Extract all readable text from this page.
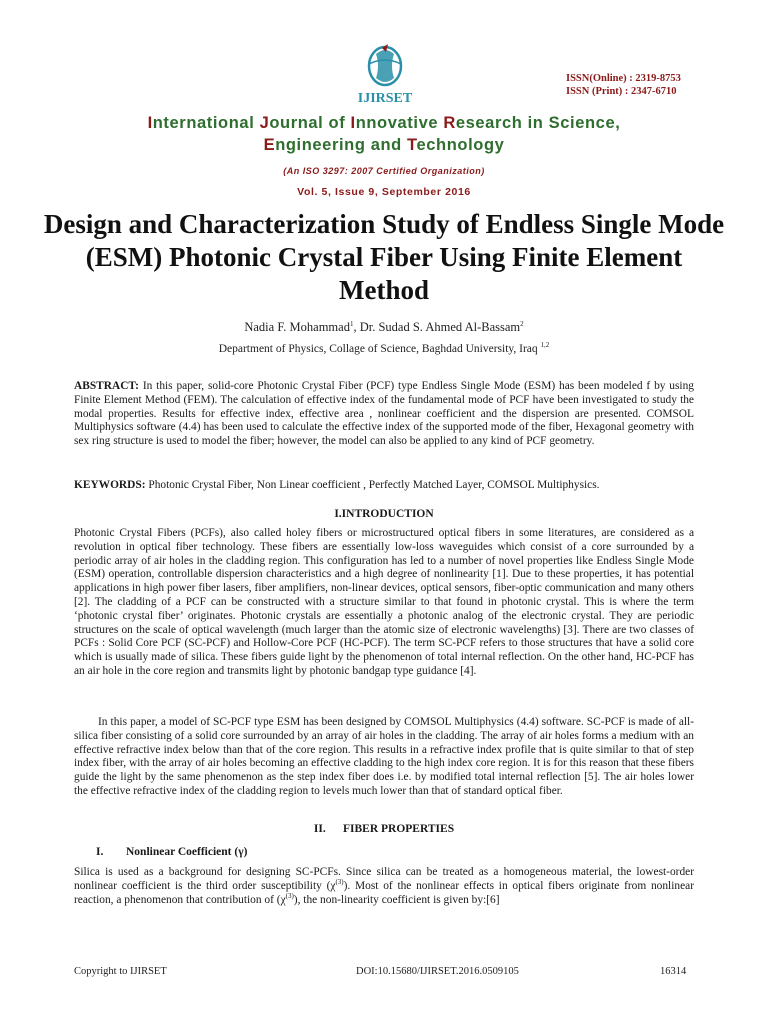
IJIRSET
ISSN(Online) : 2319-8753
ISSN (Print) : 2347-6710
International Journal of Innovative Research in Science,
Engineering and Technology
(An ISO 3297: 2007 Certified Organization)
Vol. 5, Issue 9, September 2016
Design and Characterization Study of Endless Single Mode (ESM) Photonic Crystal Fiber Using Finite Element Method
Nadia F. Mohammad$^1$, Dr. Sudad S. Ahmed Al-Bassam$^2$
Department of Physics, Collage of Science, Baghdad University, Iraq $^{1,2}$
ABSTRACT: In this paper, solid-core Photonic Crystal Fiber (PCF) type Endless Single Mode (ESM) has been modeled f by using Finite Element Method (FEM). The calculation of effective index of the fundamental mode of PCF have been investigated to study the modal properties. Results for effective index, effective area , nonlinear coefficient and the dispersion are presented. COMSOL Multiphysics software (4.4) has been used to calculate the effective index of the supported mode of the fiber, Hexagonal geometry with sex ring structure is used to model the fiber; however, the model can also be applied to any kind of PCF geometry.
KEYWORDS: Photonic Crystal Fiber, Non Linear coefficient , Perfectly Matched Layer, COMSOL Multiphysics.
I.INTRODUCTION
Photonic Crystal Fibers (PCFs), also called holey fibers or microstructured optical fibers in some literatures, are considered as a revolution in optical fiber technology. These fibers are essentially low-loss waveguides which consist of a core surrounded by a periodic array of air holes in the cladding region. This configuration has led to a number of novel properties like Endless Single Mode (ESM) operation, controllable dispersion characteristics and a high degree of nonlinearity [1]. Due to these properties, it has potential applications in high power fiber lasers, fiber amplifiers, non-linear devices, optical sensors, fiber-optic communication and many others [2]. The cladding of a PCF can be constructed with a structure similar to that found in photonic crystal. This is where the term ‘photonic crystal fiber’ originates. Photonic crystals are essentially a photonic analog of the electronic crystal. They are periodic structures on the scale of optical wavelength (much larger than the atomic size of electronic wavelengths) [3]. There are two classes of PCFs : Solid Core PCF (SC-PCF) and Hollow-Core PCF (HC-PCF). The term SC-PCF refers to those structures that have a solid core which is usually made of silica. These fibers guide light by the phenomenon of total internal reflection. On the other hand, HC-PCF has an air hole in the core region and transmits light by photonic bandgap type guidance [4].
In this paper, a model of SC-PCF type ESM has been designed by COMSOL Multiphysics (4.4) software. SC-PCF is made of all-silica fiber consisting of a solid core surrounded by an array of air holes in the cladding. The array of air holes forms a medium with an effective refractive index below than that of the core region. This results in a refractive index profile that is quite similar to that of step index fiber, with the array of air holes becoming an effective cladding to the high index core region. It is for this reason that these fibers guide the light by the same phenomenon as the step index fiber does i.e. by modified total internal reflection [5]. The air holes lower the effective refractive index of the cladding region to levels much lower than that of standard optical fiber.
II.      FIBER PROPERTIES
I. Nonlinear Coefficient (γ)
Silica is used as a background for designing SC-PCFs. Since silica can be treated as a homogeneous material, the lowest-order nonlinear coefficient is the third order susceptibility $(\chi^{(3)})$. Most of the nonlinear effects in optical fibers originate from nonlinear reaction, a phenomenon that contribution of $(\chi^{(3)})$, the non-linearity coefficient is given by:[6]
Copyright to IJIRSET	DOI:10.15680/IJIRSET.2016.0509105	16314
